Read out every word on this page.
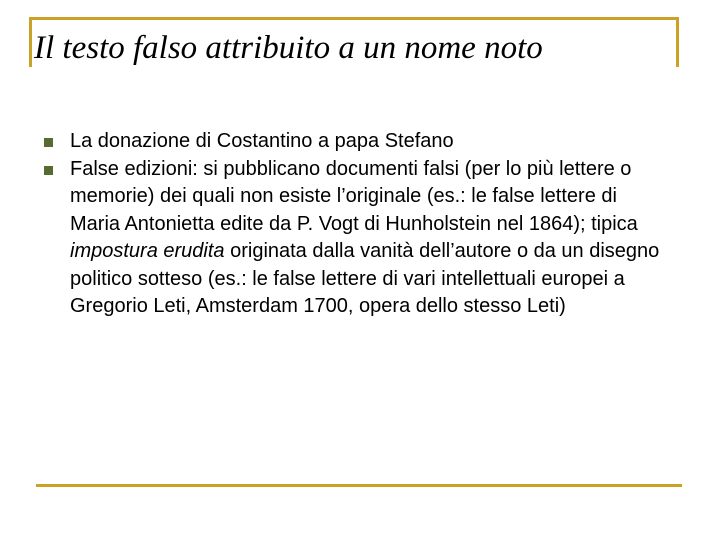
Il testo falso attribuito a un nome noto
La donazione di Costantino a papa Stefano
False edizioni: si pubblicano documenti falsi (per lo più lettere o memorie) dei quali non esiste l’originale (es.: le false lettere di Maria Antonietta edite da P. Vogt di Hunholstein nel 1864); tipica impostura erudita originata dalla vanità dell’autore o da un disegno politico sotteso (es.: le false lettere di vari intellettuali europei a Gregorio Leti, Amsterdam 1700, opera dello stesso Leti)
